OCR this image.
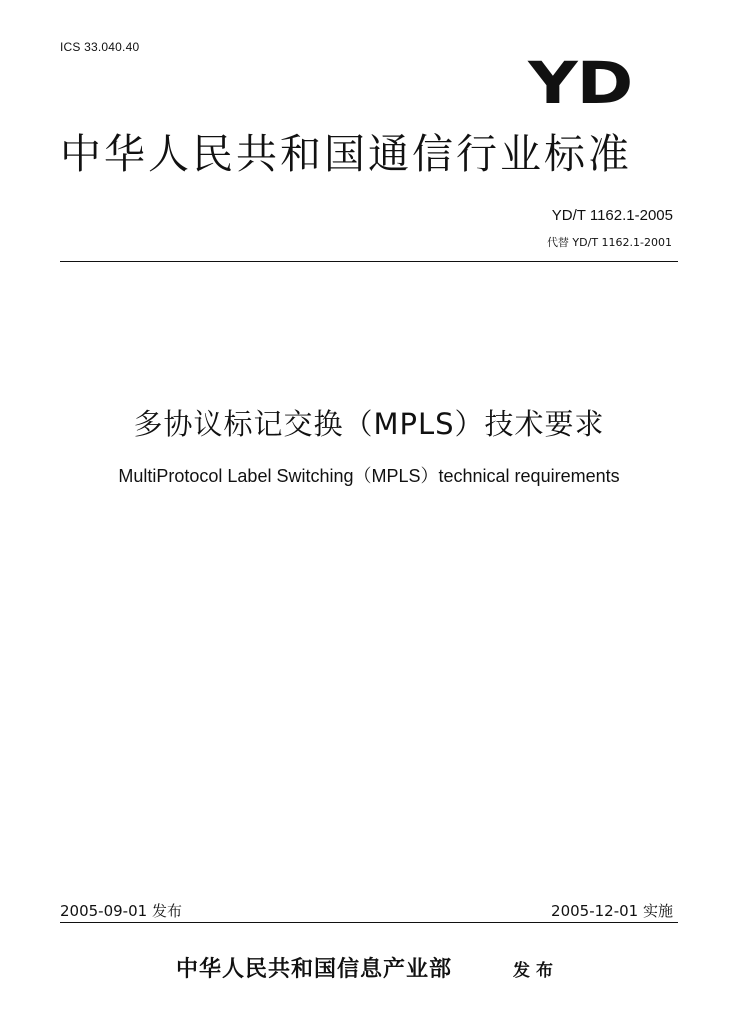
ICS 33.040.40
YD
中华人民共和国通信行业标准
YD/T 1162.1-2005
代替 YD/T 1162.1-2001
多协议标记交换（MPLS）技术要求
MultiProtocol Label Switching（MPLS）technical requirements
2005-09-01 发布	2005-12-01 实施
中华人民共和国信息产业部	发布
